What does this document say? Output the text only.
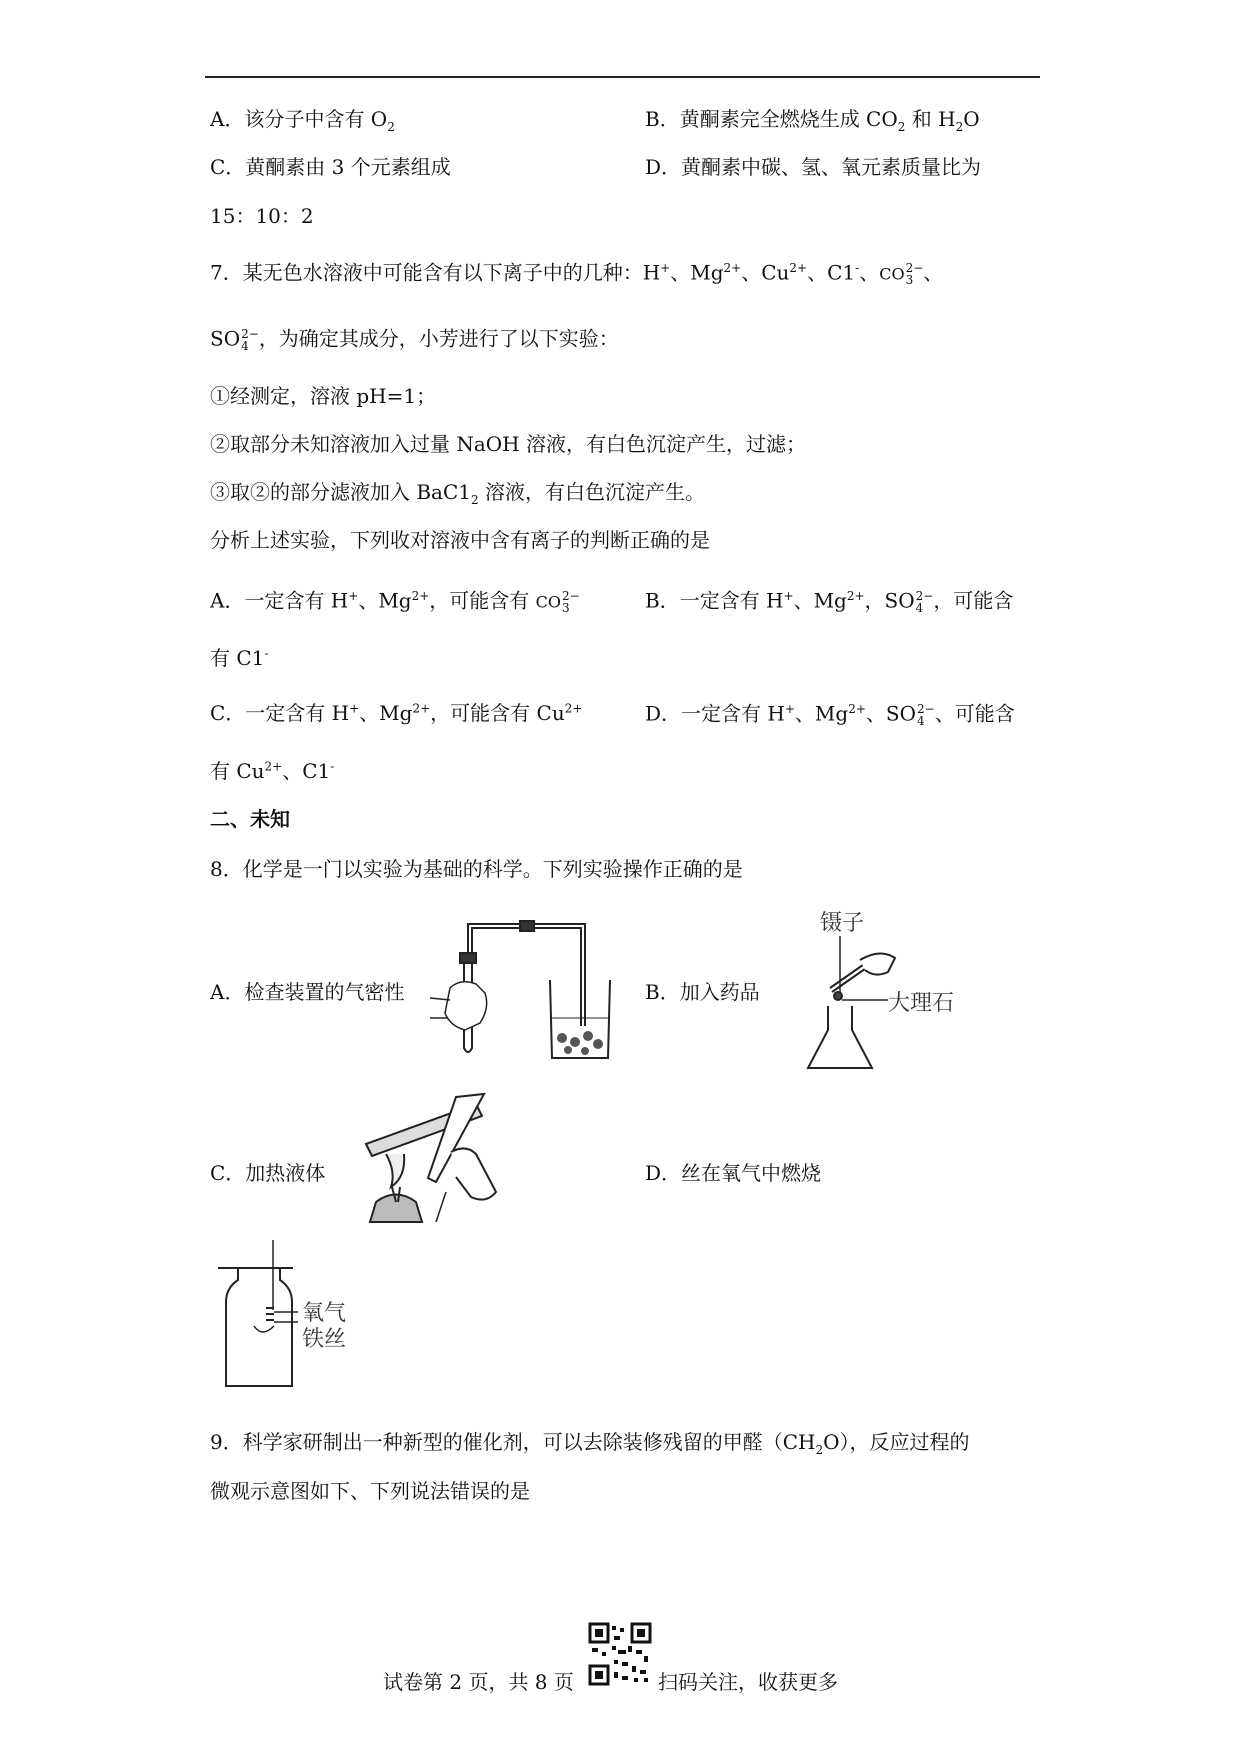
A．该分子中含有 $O_2$	B．黄酮素完全燃烧生成 $CO_2$ 和 $H_2O$
C．黄酮素由 3 个元素组成	D．黄酮素中碳、氢、氧元素质量比为
15：10：2
7．某无色水溶液中可能含有以下离子中的几种：H+、$Mg^{2+}$、$Cu^{2+}$、C1-、CO 2−
3 、
SO 2−
4 ，为确定其成分，小芳进行了以下实验：
①经测定，溶液 pH=1；
②取部分未知溶液加入过量 NaOH 溶液，有白色沉淀产生，过滤；
③取②的部分滤液加入 $BaC1_2$ 溶液，有白色沉淀产生。
分析上述实验，下列收对溶液中含有离子的判断正确的是
A．一定含有 H+、$Mg^{2+}$，可能含有 CO 2−
3	B．一定含有 H+、$Mg^{2+}$，SO 2−
4 ，可能含
有 C1-
C．一定含有 H+、$Mg^{2+}$，可能含有 $Cu^{2+}$	D．一定含有 H+、$Mg^{2+}$、SO 2−
4 、可能含
有 $Cu^{2+}$、C1-
二、未知
8．化学是一门以实验为基础的科学。下列实验操作正确的是
A．检查装置的气密性	B．加入药品
C．加热液体	D．丝在氧气中燃烧
镊子
大理石
氧气
铁丝
9．科学家研制出一种新型的催化剂，可以去除装修残留的甲醛$(CH_2O)$，反应过程的
微观示意图如下、下列说法错误的是
试卷第 2 页，共 8 页	扫码关注，收获更多
